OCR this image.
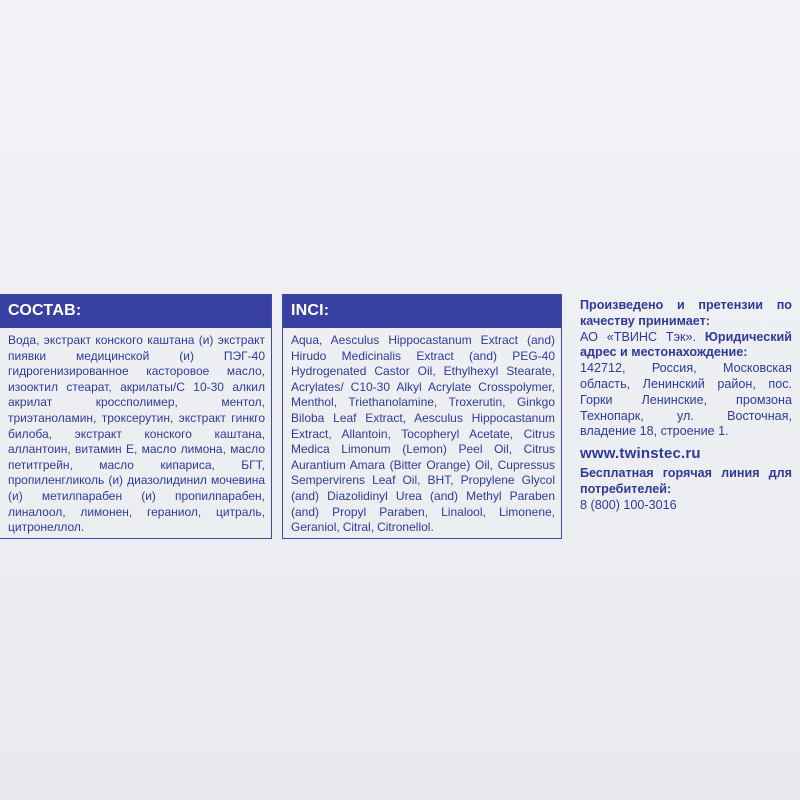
СОСТАВ:
Вода, экстракт конского каштана (и) экстракт пиявки медицинской (и) ПЭГ-40 гидрогенизированное касторовое масло, изооктил стеарат, акрилаты/С 10-30 алкил акрилат кроссполимер, ментол, триэтаноламин, троксерутин, экстракт гинкго билоба, экстракт конского каштана, аллантоин, витамин Е, масло лимона, масло петитгрейн, масло кипариса, БГТ, пропиленгликоль (и) диазолидинил мочевина (и) метилпарабен (и) пропилпарабен, линалоол, лимонен, гераниол, цитраль, цитронеллол.
INCI:
Aqua, Aesculus Hippocastanum Extract (and) Hirudo Medicinalis Extract (and) PEG-40 Hydrogenated Castor Oil, Ethylhexyl Stearate, Acrylates/ C10-30 Alkyl Acrylate Crosspolymer, Menthol, Triethanolamine, Troxerutin, Ginkgo Biloba Leaf Extract, Aesculus Hippocastanum Extract, Allantoin, Tocopheryl Acetate, Citrus Medica Limonum (Lemon) Peel Oil, Citrus Aurantium Amara (Bitter Orange) Oil, Cupressus Sempervirens Leaf Oil, BHT, Propylene Glycol (and) Diazolidinyl Urea (and) Methyl Paraben (and) Propyl Paraben, Linalool, Limonene, Geraniol, Citral, Citronellol.

Произведено и претензии по качеству принимает:

АО «ТВИНС Тэк». Юридический адрес и местонахождение:

142712, Россия, Московская область, Ленинский район, пос. Горки Ленинские, промзона Технопарк, ул. Восточная, владение 18, строение 1.

www.twinstec.ru

Бесплатная горячая линия для потребителей:

8 (800) 100-3016
